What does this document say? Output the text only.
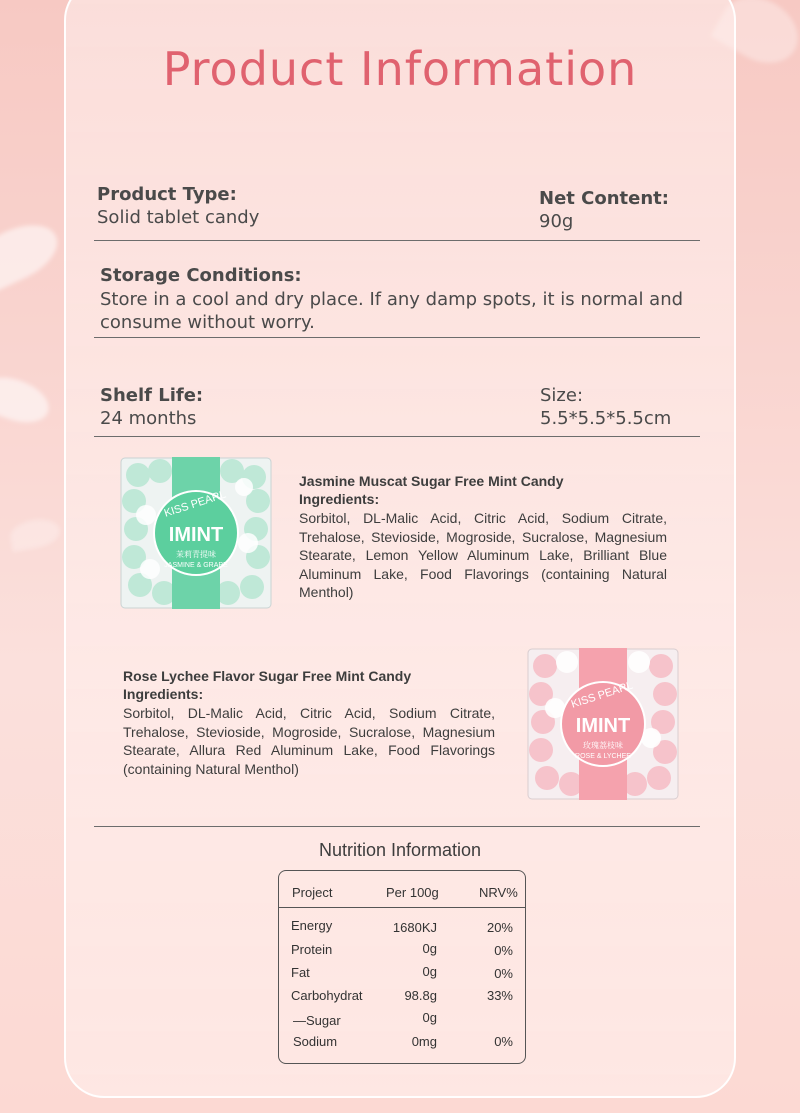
Product Information
Product Type:
Solid tablet candy
Net Content:
90g
Storage Conditions:
Store in a cool and dry place. If any damp spots, it is normal and consume without worry.
Shelf Life:
24 months
Size:
5.5*5.5*5.5cm
KISS PEARL
IMINT
茉莉青提味
JASMINE & GRAPE
Jasmine Muscat Sugar Free Mint Candy
Ingredients:
Sorbitol, DL-Malic Acid, Citric Acid, Sodium Citrate, Trehalose, Stevioside, Mogroside, Sucralose, Magnesium Stearate, Lemon Yellow Aluminum Lake, Brilliant Blue Aluminum Lake, Food Flavorings (containing Natural Menthol)
Rose Lychee Flavor Sugar Free Mint Candy
Ingredients:
Sorbitol, DL-Malic Acid, Citric Acid, Sodium Citrate, Trehalose, Stevioside, Mogroside, Sucralose, Magnesium Stearate, Allura Red Aluminum Lake, Food Flavorings (containing Natural Menthol)
KISS PEARL
IMINT
玫瑰荔枝味
ROSE & LYCHEE
Nutrition Information
Project	Per 100g	NRV%
Energy	1680KJ	20%
Protein	0g	0%
Fat	0g	0%
Carbohydrat	98.8g	33%
—Sugar	0g
Sodium	0mg	0%
